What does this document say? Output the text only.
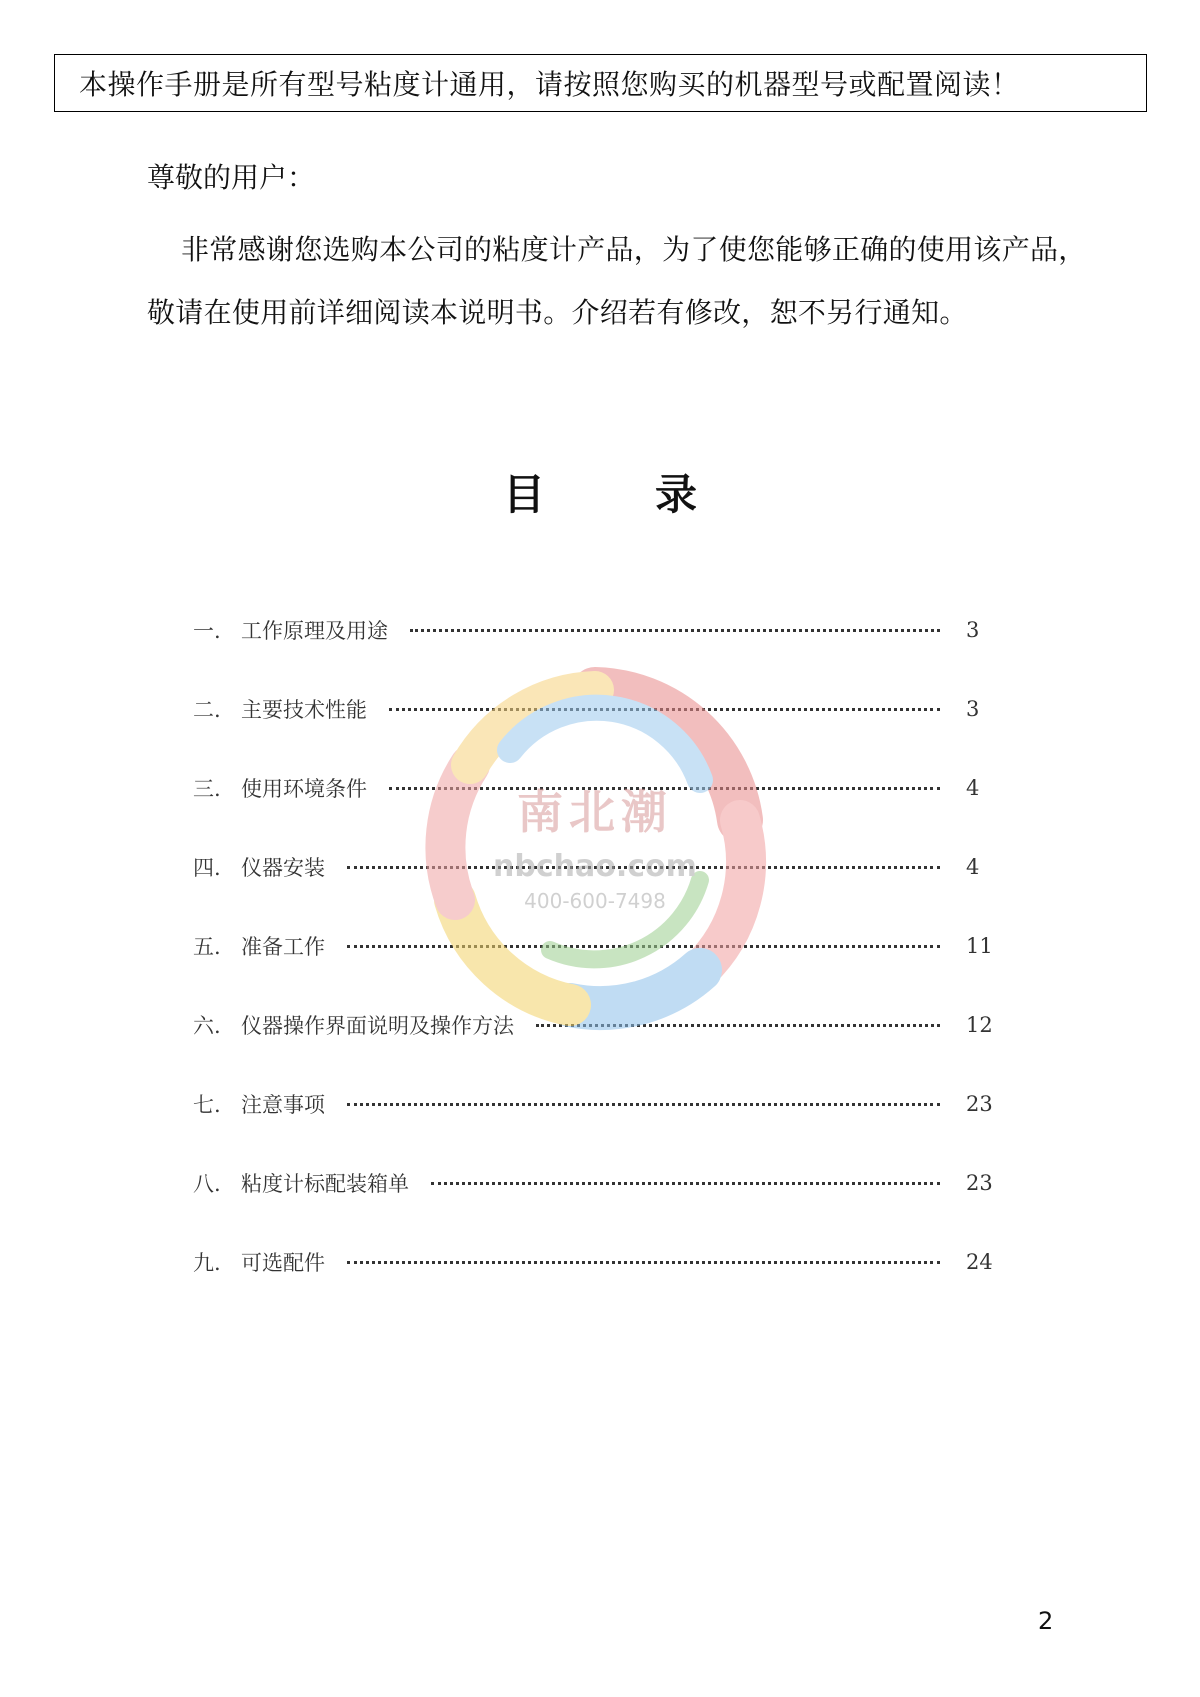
本操作手册是所有型号粘度计通用，请按照您购买的机器型号或配置阅读！
尊敬的用户：

非常感谢您选购本公司的粘度计产品，为了使您能够正确的使用该产品，敬请在使用前详细阅读本说明书。介绍若有修改，恕不另行通知。

目录
一. 工作原理及用途	3
二. 主要技术性能	3
三. 使用环境条件	4
四. 仪器安装	4
五. 准备工作	11
六. 仪器操作界面说明及操作方法	12
七. 注意事项	23
八. 粘度计标配装箱单	23
九. 可选配件	24
南北潮
nbchao.com
400-600-7498
2
